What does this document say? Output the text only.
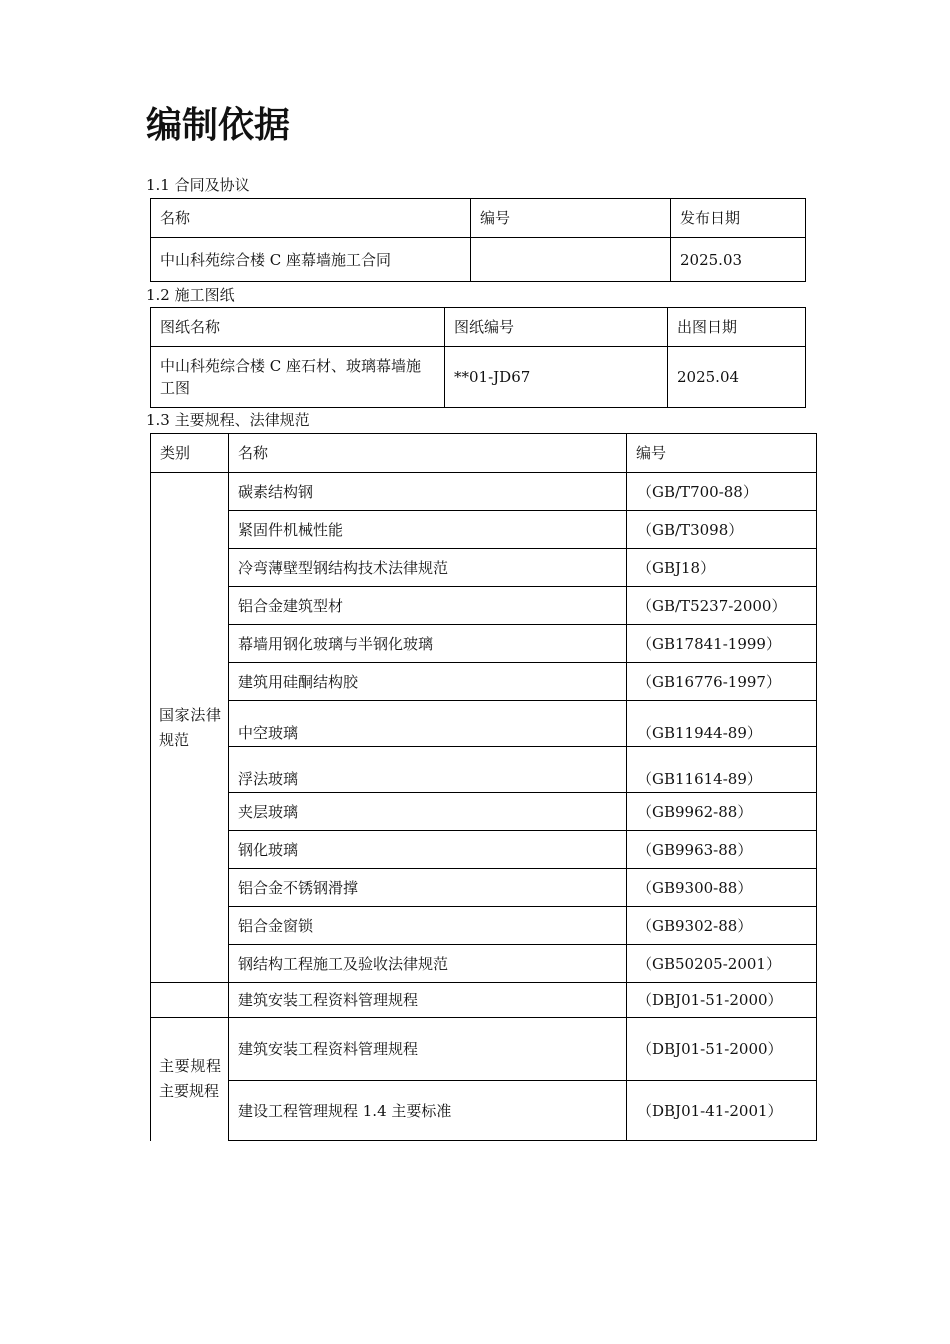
编制依据
1.1 合同及协议
名称	编号	发布日期
中山科苑综合楼 C 座幕墙施工合同		2025.03
1.2 施工图纸
图纸名称	图纸编号	出图日期
中山科苑综合楼 C 座石材、玻璃幕墙施工图	**01-JD67	2025.04
1.3 主要规程、法律规范
类别	名称	编号

国家法律规范	碳素结构钢	（GB/T700-88）
	紧固件机械性能	（GB/T3098）
	冷弯薄壁型钢结构技术法律规范	（GBJ18）
	铝合金建筑型材	（GB/T5237-2000）
	幕墙用钢化玻璃与半钢化玻璃	（GB17841-1999）
	建筑用硅酮结构胶	（GB16776-1997）
	中空玻璃	（GB11944-89）
	浮法玻璃	（GB11614-89）
	夹层玻璃	（GB9962-88）
	钢化玻璃	（GB9963-88）
	铝合金不锈钢滑撑	（GB9300-88）
	铝合金窗锁	（GB9302-88）
	钢结构工程施工及验收法律规范	（GB50205-2001）
	建筑安装工程资料管理规程	（DBJ01-51-2000）

主要规程主要规程	建筑安装工程资料管理规程	（DBJ01-51-2000）
	建设工程管理规程 1.4 主要标准	（DBJ01-41-2001）
